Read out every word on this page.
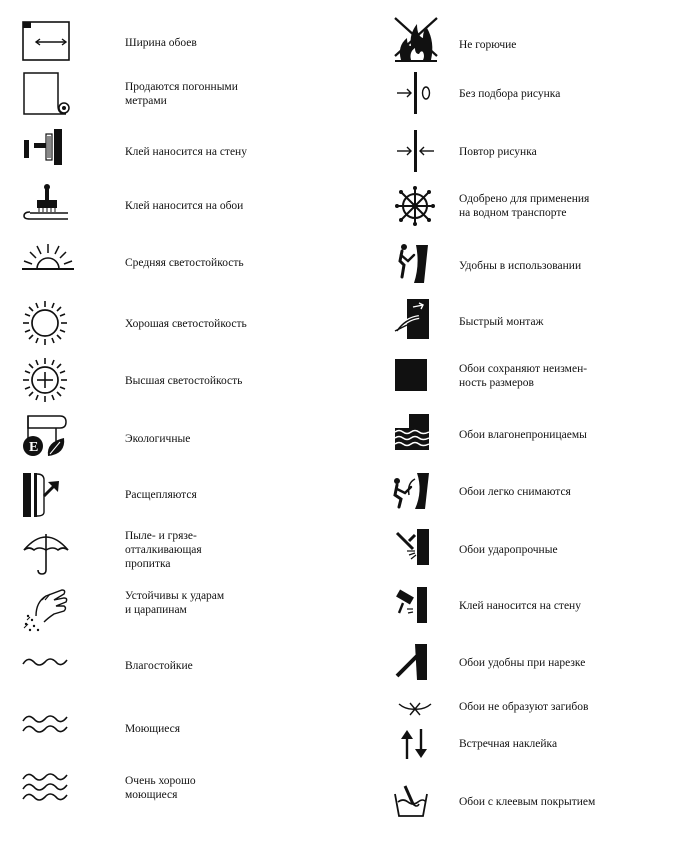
Ширина обоев
Продаются погонными
метрами
Клей наносится на стену
Клей наносится на обои
Средняя светостойкость
Хорошая светостойкость
Высшая светостойкость
E
Экологичные
Расщепляются
Пыле- и грязе-
отталкивающая
пропитка
Устойчивы к ударам
и царапинам
Влагостойкие
Моющиеся
Очень хорошо
моющиеся
Не горючие
Без подбора рисунка
Повтор рисунка
Одобрено для применения
на водном транспорте
Удобны в использовании
Быстрый монтаж
Обои сохраняют неизмен-
ность размеров
Обои влагонепроницаемы
Обои легко снимаются
Обои ударопрочные
Клей наносится на стену
Обои удобны при нарезке
Обои не образуют загибов
Встречная наклейка
Обои с клеевым покрытием
